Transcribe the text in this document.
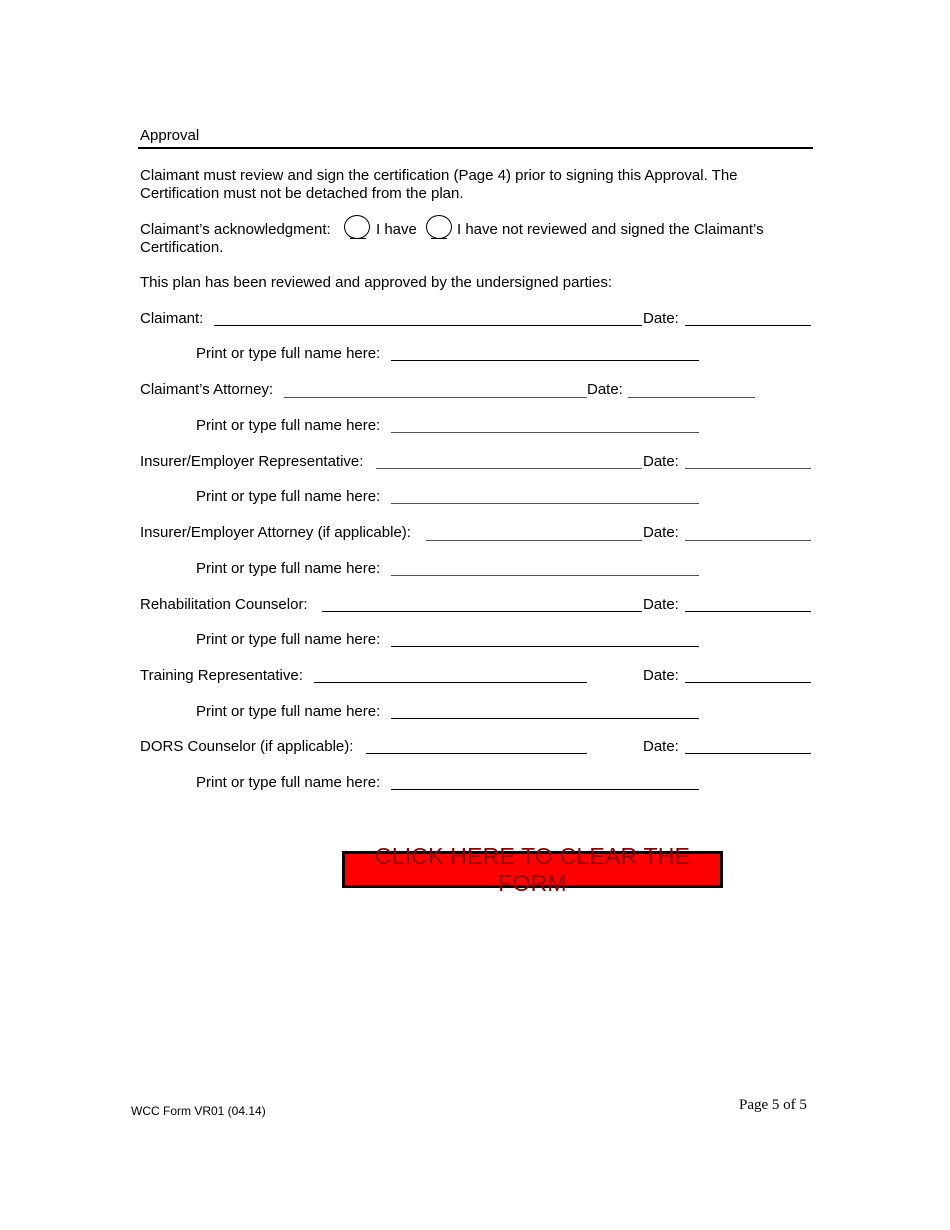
Approval
Claimant must review and sign the certification (Page 4) prior to signing this Approval. The Certification must not be detached from the plan.
Claimant’s acknowledgment:	I have	I have not reviewed and signed the Claimant’s
Certification.
This plan has been reviewed and approved by the undersigned parties:
Claimant:	Date:
Print or type full name here:
Claimant’s Attorney:	Date:
Print or type full name here:
Insurer/Employer Representative:	Date:
Print or type full name here:
Insurer/Employer Attorney (if applicable):	Date:
Print or type full name here:
Rehabilitation Counselor:	Date:
Print or type full name here:
Training Representative:	Date:
Print or type full name here:
DORS Counselor (if applicable):	Date:
Print or type full name here:
CLICK HERE TO CLEAR THE FORM
WCC Form VR01 (04.14)	Page 5 of 5
